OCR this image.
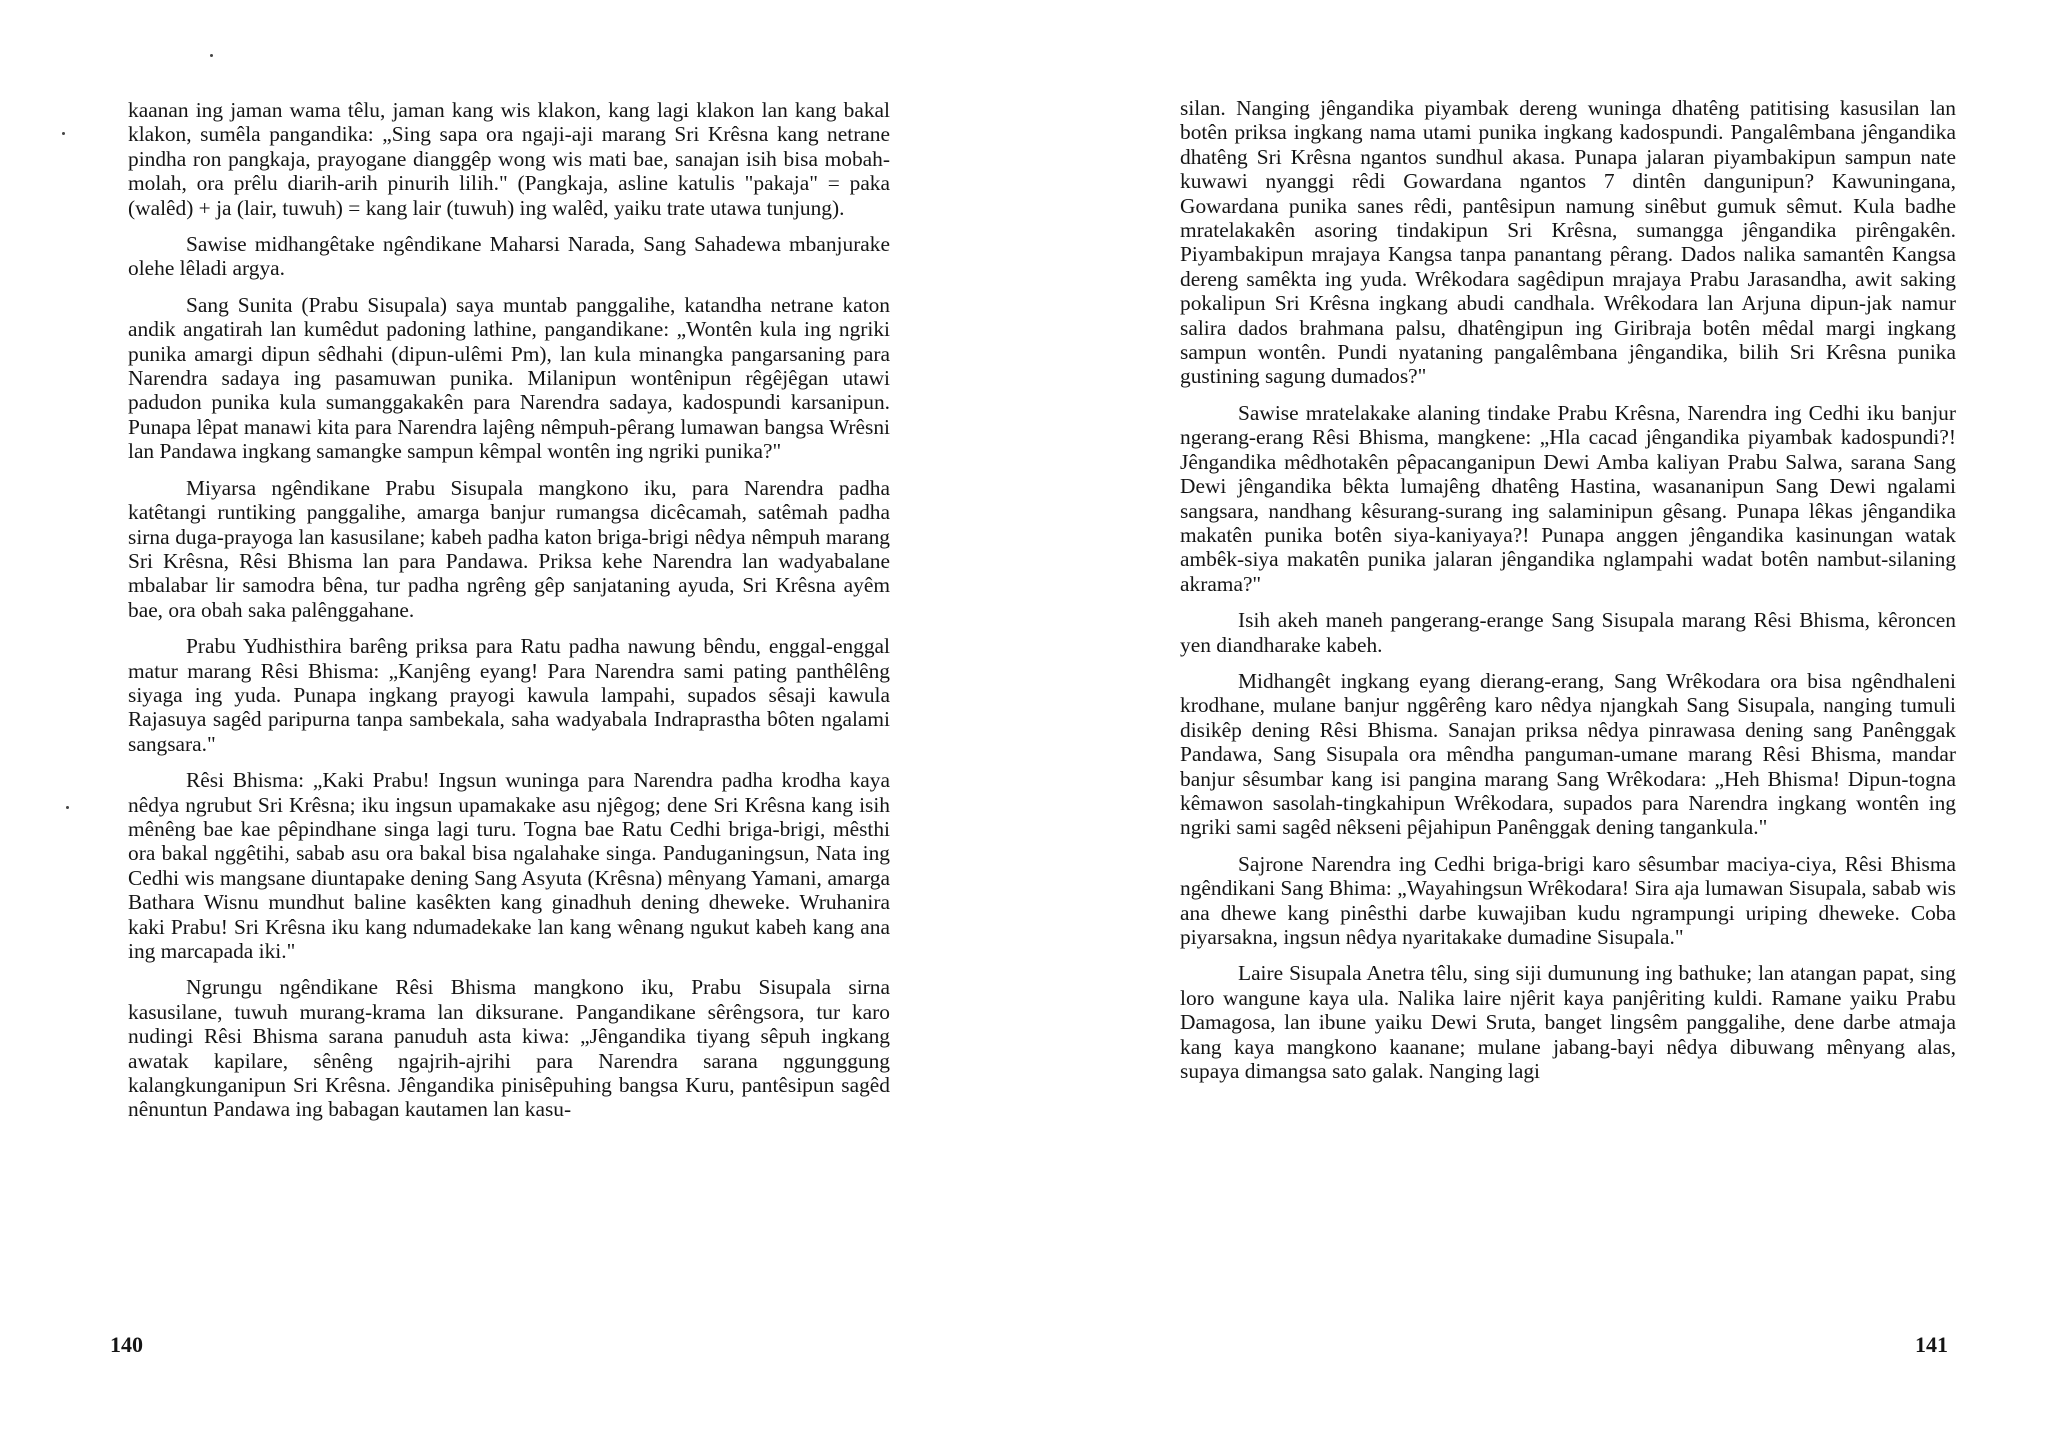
kaanan ing jaman wama têlu, jaman kang wis klakon, kang lagi klakon lan kang bakal klakon, sumêla pangandika: „Sing sapa ora ngaji-aji marang Sri Krêsna kang netrane pindha ron pangkaja, prayogane dianggêp wong wis mati bae, sanajan isih bisa mobah-molah, ora prêlu diarih-arih pinurih lilih." (Pangkaja, asline katulis "pakaja" = paka (walêd) + ja (lair, tuwuh) = kang lair (tuwuh) ing walêd, yaiku trate utawa tunjung).

Sawise midhangêtake ngêndikane Maharsi Narada, Sang Sahadewa mbanjurake olehe lêladi argya.

Sang Sunita (Prabu Sisupala) saya muntab panggalihe, katandha netrane katon andik angatirah lan kumêdut padoning lathine, pangandikane: „Wontên kula ing ngriki punika amargi dipun sêdhahi (dipun-ulêmi Pm), lan kula minangka pangarsaning para Narendra sadaya ing pasamuwan punika. Milanipun wontênipun rêgêjêgan utawi padudon punika kula sumanggakakên para Narendra sadaya, kadospundi karsanipun. Punapa lêpat manawi kita para Narendra lajêng nêmpuh-pêrang lumawan bangsa Wrêsni lan Pandawa ingkang samangke sampun kêmpal wontên ing ngriki punika?"

Miyarsa ngêndikane Prabu Sisupala mangkono iku, para Narendra padha katêtangi runtiking panggalihe, amarga banjur rumangsa dicêcamah, satêmah padha sirna duga-prayoga lan kasusilane; kabeh padha katon briga-brigi nêdya nêmpuh marang Sri Krêsna, Rêsi Bhisma lan para Pandawa. Priksa kehe Narendra lan wadyabalane mbalabar lir samodra bêna, tur padha ngrêng gêp sanjataning ayuda, Sri Krêsna ayêm bae, ora obah saka palênggahane.

Prabu Yudhisthira barêng priksa para Ratu padha nawung bêndu, enggal-enggal matur marang Rêsi Bhisma: „Kanjêng eyang! Para Narendra sami pating panthêlêng siyaga ing yuda. Punapa ingkang prayogi kawula lampahi, supados sêsaji kawula Rajasuya sagêd paripurna tanpa sambekala, saha wadyabala Indraprastha bôten ngalami sangsara."

Rêsi Bhisma: „Kaki Prabu! Ingsun wuninga para Narendra padha krodha kaya nêdya ngrubut Sri Krêsna; iku ingsun upamakake asu njêgog; dene Sri Krêsna kang isih mênêng bae kae pêpindhane singa lagi turu. Togna bae Ratu Cedhi briga-brigi, mêsthi ora bakal nggêtihi, sabab asu ora bakal bisa ngalahake singa. Panduganingsun, Nata ing Cedhi wis mangsane diuntapake dening Sang Asyuta (Krêsna) mênyang Yamani, amarga Bathara Wisnu mundhut baline kasêkten kang ginadhuh dening dheweke. Wruhanira kaki Prabu! Sri Krêsna iku kang ndumadekake lan kang wênang ngukut kabeh kang ana ing marcapada iki."

Ngrungu ngêndikane Rêsi Bhisma mangkono iku, Prabu Sisupala sirna kasusilane, tuwuh murang-krama lan diksurane. Pangandikane sêrêngsora, tur karo nudingi Rêsi Bhisma sarana panuduh asta kiwa: „Jêngandika tiyang sêpuh ingkang awatak kapilare, sênêng ngajrih-ajrihi para Narendra sarana nggunggung kalangkunganipun Sri Krêsna. Jêngandika pinisêpuhing bangsa Kuru, pantêsipun sagêd nênuntun Pandawa ing babagan kautamen lan kasu-

140

silan. Nanging jêngandika piyambak dereng wuninga dhatêng patitising kasusilan lan botên priksa ingkang nama utami punika ingkang kadospundi. Pangalêmbana jêngandika dhatêng Sri Krêsna ngantos sundhul akasa. Punapa jalaran piyambakipun sampun nate kuwawi nyanggi rêdi Gowardana ngantos 7 dintên dangunipun? Kawuningana, Gowardana punika sanes rêdi, pantêsipun namung sinêbut gumuk sêmut. Kula badhe mratelakakên asoring tindakipun Sri Krêsna, sumangga jêngandika pirêngakên. Piyambakipun mrajaya Kangsa tanpa panantang pêrang. Dados nalika samantên Kangsa dereng samêkta ing yuda. Wrêkodara sagêdipun mrajaya Prabu Jarasandha, awit saking pokalipun Sri Krêsna ingkang abudi candhala. Wrêkodara lan Arjuna dipun-jak namur salira dados brahmana palsu, dhatêngipun ing Giribraja botên mêdal margi ingkang sampun wontên. Pundi nyataning pangalêmbana jêngandika, bilih Sri Krêsna punika gustining sagung dumados?"

Sawise mratelakake alaning tindake Prabu Krêsna, Narendra ing Cedhi iku banjur ngerang-erang Rêsi Bhisma, mangkene: „Hla cacad jêngandika piyambak kadospundi?! Jêngandika mêdhotakên pêpacanganipun Dewi Amba kaliyan Prabu Salwa, sarana Sang Dewi jêngandika bêkta lumajêng dhatêng Hastina, wasananipun Sang Dewi ngalami sangsara, nandhang kêsurang-surang ing salaminipun gêsang. Punapa lêkas jêngandika makatên punika botên siya-kaniyaya?! Punapa anggen jêngandika kasinungan watak ambêk-siya makatên punika jalaran jêngandika nglampahi wadat botên nambut-silaning akrama?"

Isih akeh maneh pangerang-erange Sang Sisupala marang Rêsi Bhisma, kêroncen yen diandharake kabeh.

Midhangêt ingkang eyang dierang-erang, Sang Wrêkodara ora bisa ngêndhaleni krodhane, mulane banjur nggêrêng karo nêdya njangkah Sang Sisupala, nanging tumuli disikêp dening Rêsi Bhisma. Sanajan priksa nêdya pinrawasa dening sang Panênggak Pandawa, Sang Sisupala ora mêndha panguman-umane marang Rêsi Bhisma, mandar banjur sêsumbar kang isi pangina marang Sang Wrêkodara: „Heh Bhisma! Dipun-togna kêmawon sasolah-tingkahipun Wrêkodara, supados para Narendra ingkang wontên ing ngriki sami sagêd nêkseni pêjahipun Panênggak dening tangankula."

Sajrone Narendra ing Cedhi briga-brigi karo sêsumbar maciya-ciya, Rêsi Bhisma ngêndikani Sang Bhima: „Wayahingsun Wrêkodara! Sira aja lumawan Sisupala, sabab wis ana dhewe kang pinêsthi darbe kuwajiban kudu ngrampungi uriping dheweke. Coba piyarsakna, ingsun nêdya nyaritakake dumadine Sisupala."

Laire Sisupala Anetra têlu, sing siji dumunung ing bathuke; lan atangan papat, sing loro wangune kaya ula. Nalika laire njêrit kaya panjêriting kuldi. Ramane yaiku Prabu Damagosa, lan ibune yaiku Dewi Sruta, banget lingsêm panggalihe, dene darbe atmaja kang kaya mangkono kaanane; mulane jabang-bayi nêdya dibuwang mênyang alas, supaya dimangsa sato galak. Nanging lagi

141
